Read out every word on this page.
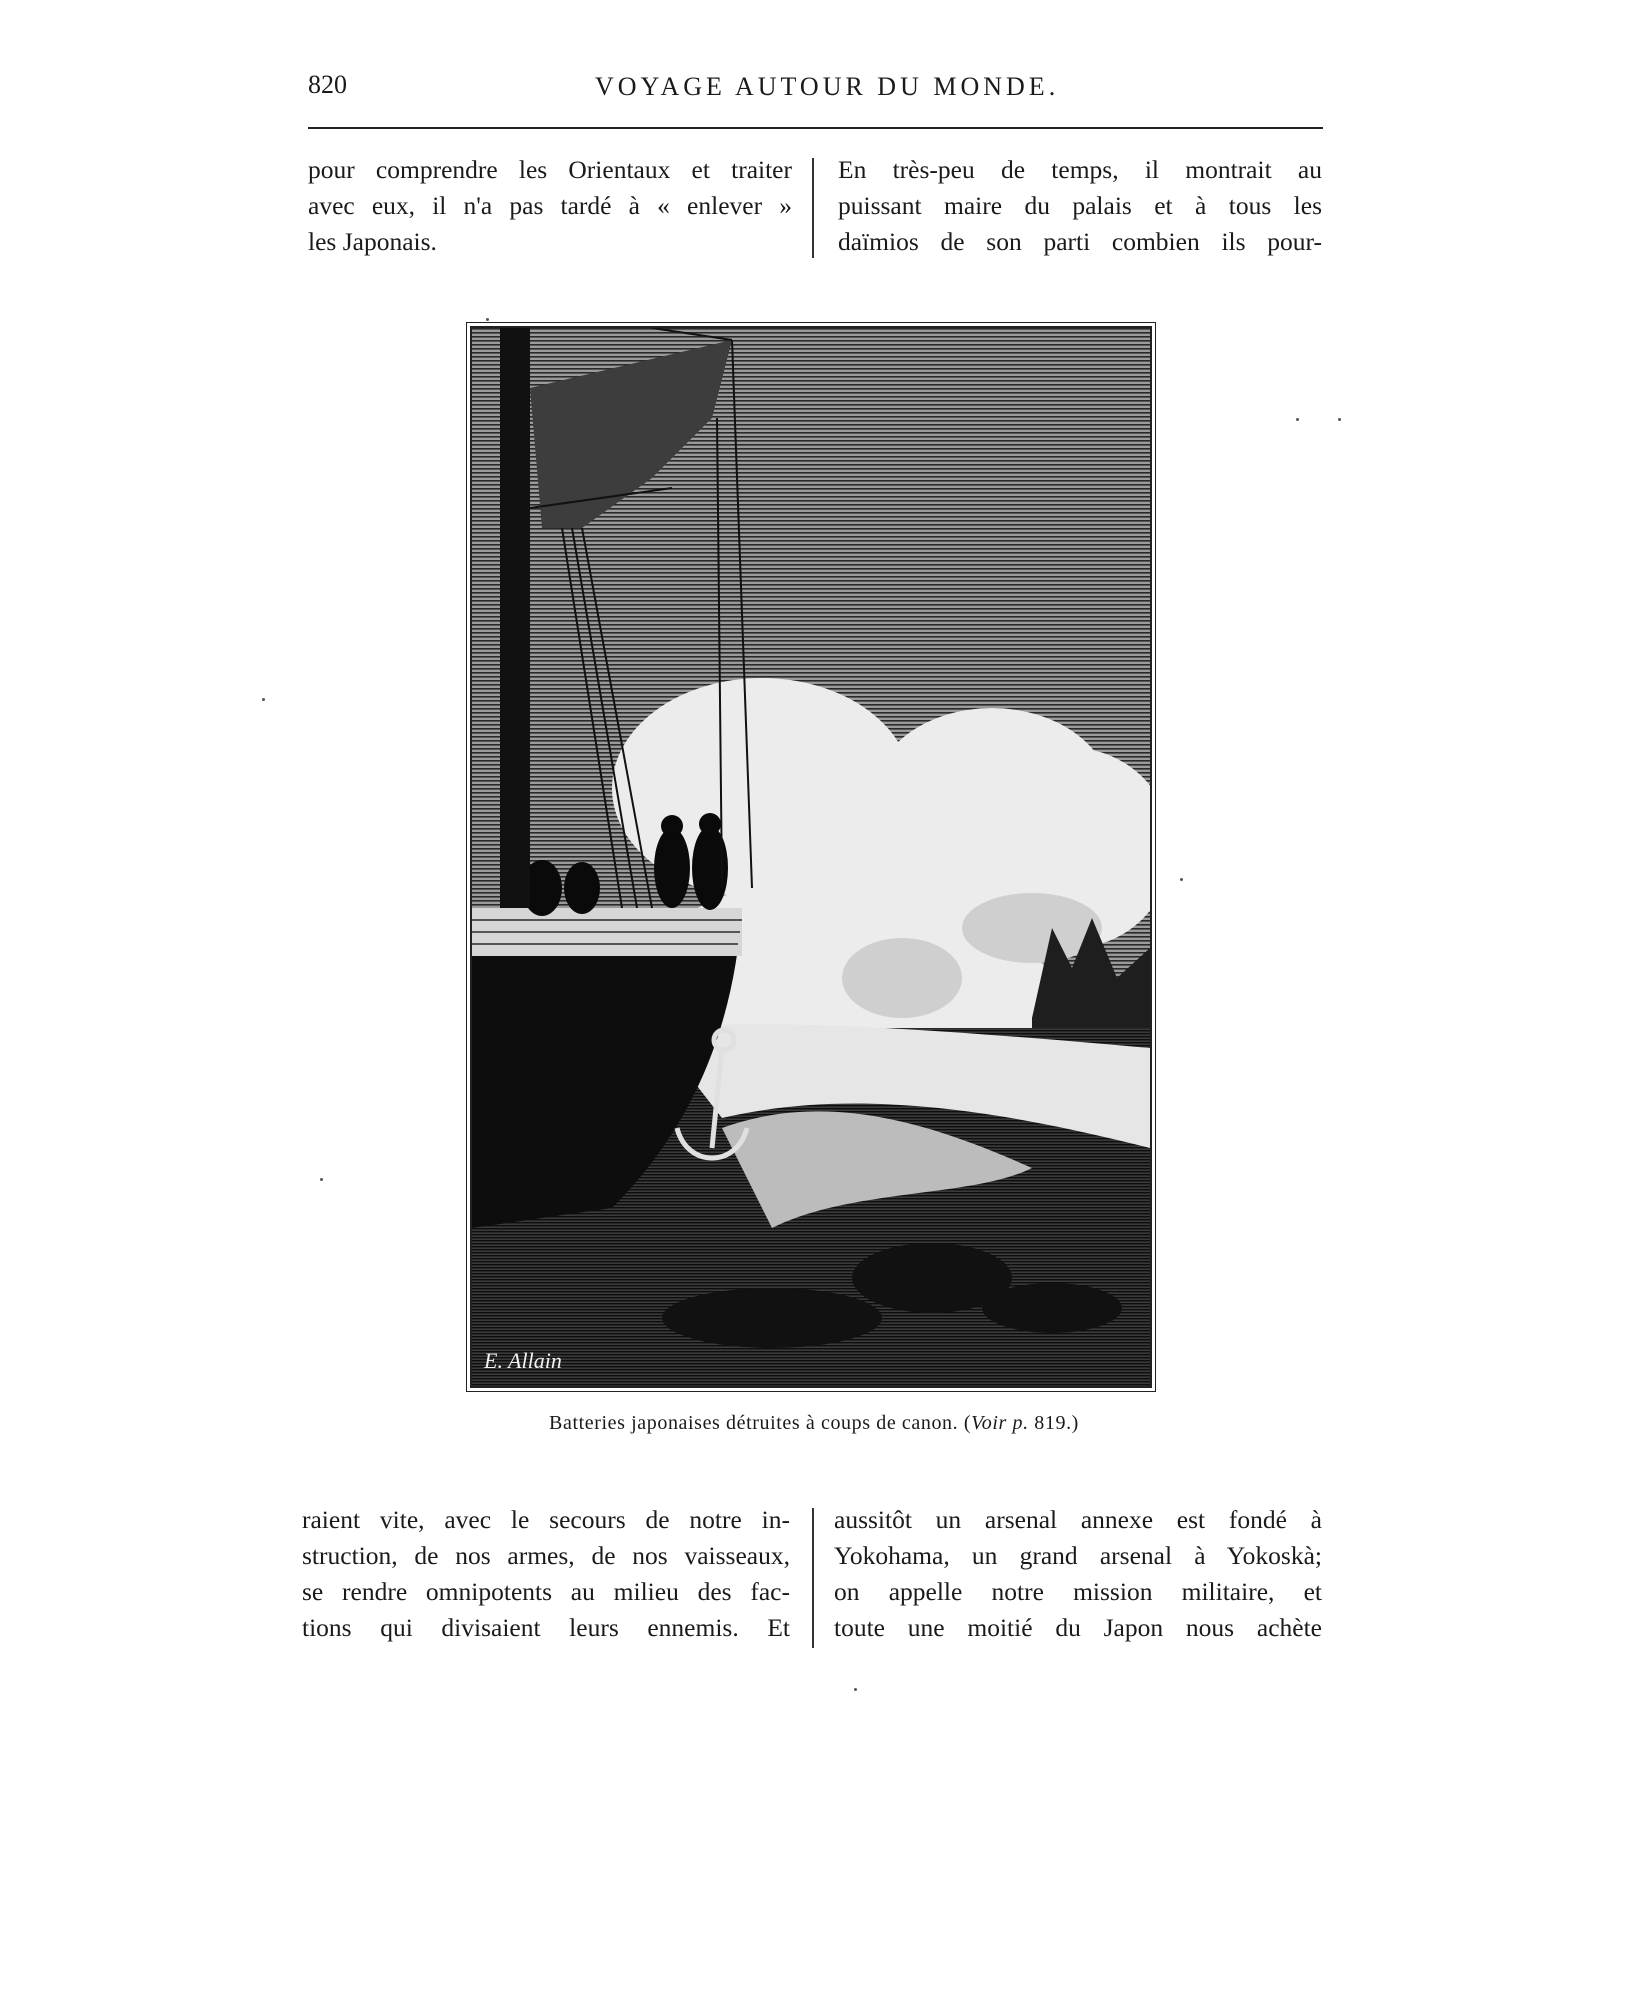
820	VOYAGE AUTOUR DU MONDE.
pour comprendre les Orientaux et traiter
avec eux, il n'a pas tardé à « enlever »
les Japonais.
En très-peu de temps, il montrait au
puissant maire du palais et à tous les
daïmios de son parti combien ils pour-
E. Allain
Batteries japonaises détruites à coups de canon. (Voir p. 819.)
raient vite, avec le secours de notre in-
struction, de nos armes, de nos vaisseaux,
se rendre omnipotents au milieu des fac-
tions qui divisaient leurs ennemis. Et
aussitôt un arsenal annexe est fondé à
Yokohama, un grand arsenal à Yokoskà;
on appelle notre mission militaire, et
toute une moitié du Japon nous achète
